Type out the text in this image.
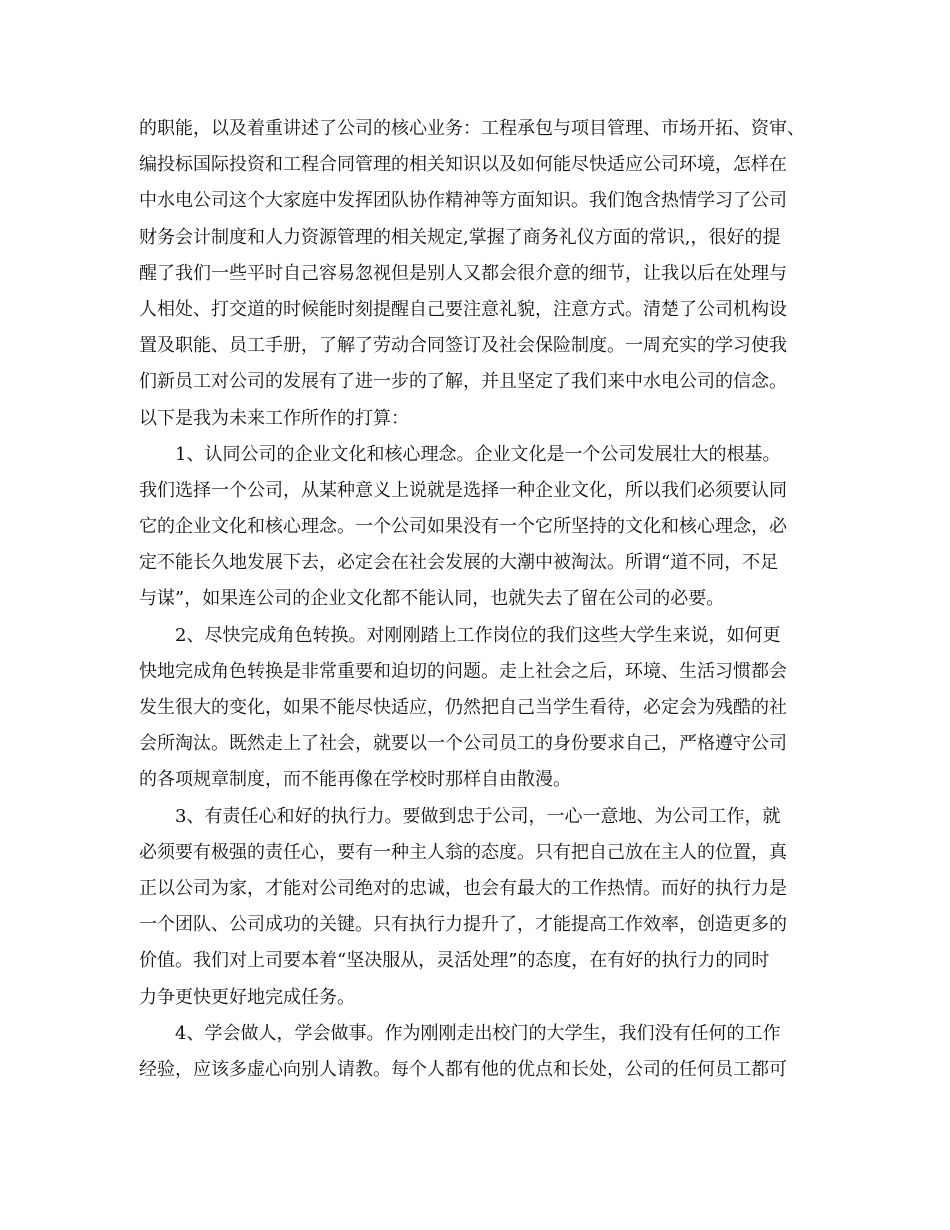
的职能，以及着重讲述了公司的核心业务：工程承包与项目管理、市场开拓、资审、
编投标国际投资和工程合同管理的相关知识以及如何能尽快适应公司环境，怎样在
中水电公司这个大家庭中发挥团队协作精神等方面知识。我们饱含热情学习了公司
财务会计制度和人力资源管理的相关规定,掌握了商务礼仪方面的常识,，很好的提
醒了我们一些平时自己容易忽视但是别人又都会很介意的细节，让我以后在处理与
人相处、打交道的时候能时刻提醒自己要注意礼貌，注意方式。清楚了公司机构设
置及职能、员工手册，了解了劳动合同签订及社会保险制度。一周充实的学习使我
们新员工对公司的发展有了进一步的了解，并且坚定了我们来中水电公司的信念。
以下是我为未来工作所作的打算：
1、认同公司的企业文化和核心理念。企业文化是一个公司发展壮大的根基。
我们选择一个公司，从某种意义上说就是选择一种企业文化，所以我们必须要认同
它的企业文化和核心理念。一个公司如果没有一个它所坚持的文化和核心理念，必
定不能长久地发展下去，必定会在社会发展的大潮中被淘汰。所谓“道不同，不足
与谋”，如果连公司的企业文化都不能认同，也就失去了留在公司的必要。
2、尽快完成角色转换。对刚刚踏上工作岗位的我们这些大学生来说，如何更
快地完成角色转换是非常重要和迫切的问题。走上社会之后，环境、生活习惯都会
发生很大的变化，如果不能尽快适应，仍然把自己当学生看待，必定会为残酷的社
会所淘汰。既然走上了社会，就要以一个公司员工的身份要求自己，严格遵守公司
的各项规章制度，而不能再像在学校时那样自由散漫。
3、有责任心和好的执行力。要做到忠于公司，一心一意地、为公司工作，就
必须要有极强的责任心，要有一种主人翁的态度。只有把自己放在主人的位置，真
正以公司为家，才能对公司绝对的忠诚，也会有最大的工作热情。而好的执行力是
一个团队、公司成功的关键。只有执行力提升了，才能提高工作效率，创造更多的
价值。我们对上司要本着“坚决服从，灵活处理”的态度，在有好的执行力的同时
力争更快更好地完成任务。
4、学会做人，学会做事。作为刚刚走出校门的大学生，我们没有任何的工作
经验，应该多虚心向别人请教。每个人都有他的优点和长处，公司的任何员工都可
